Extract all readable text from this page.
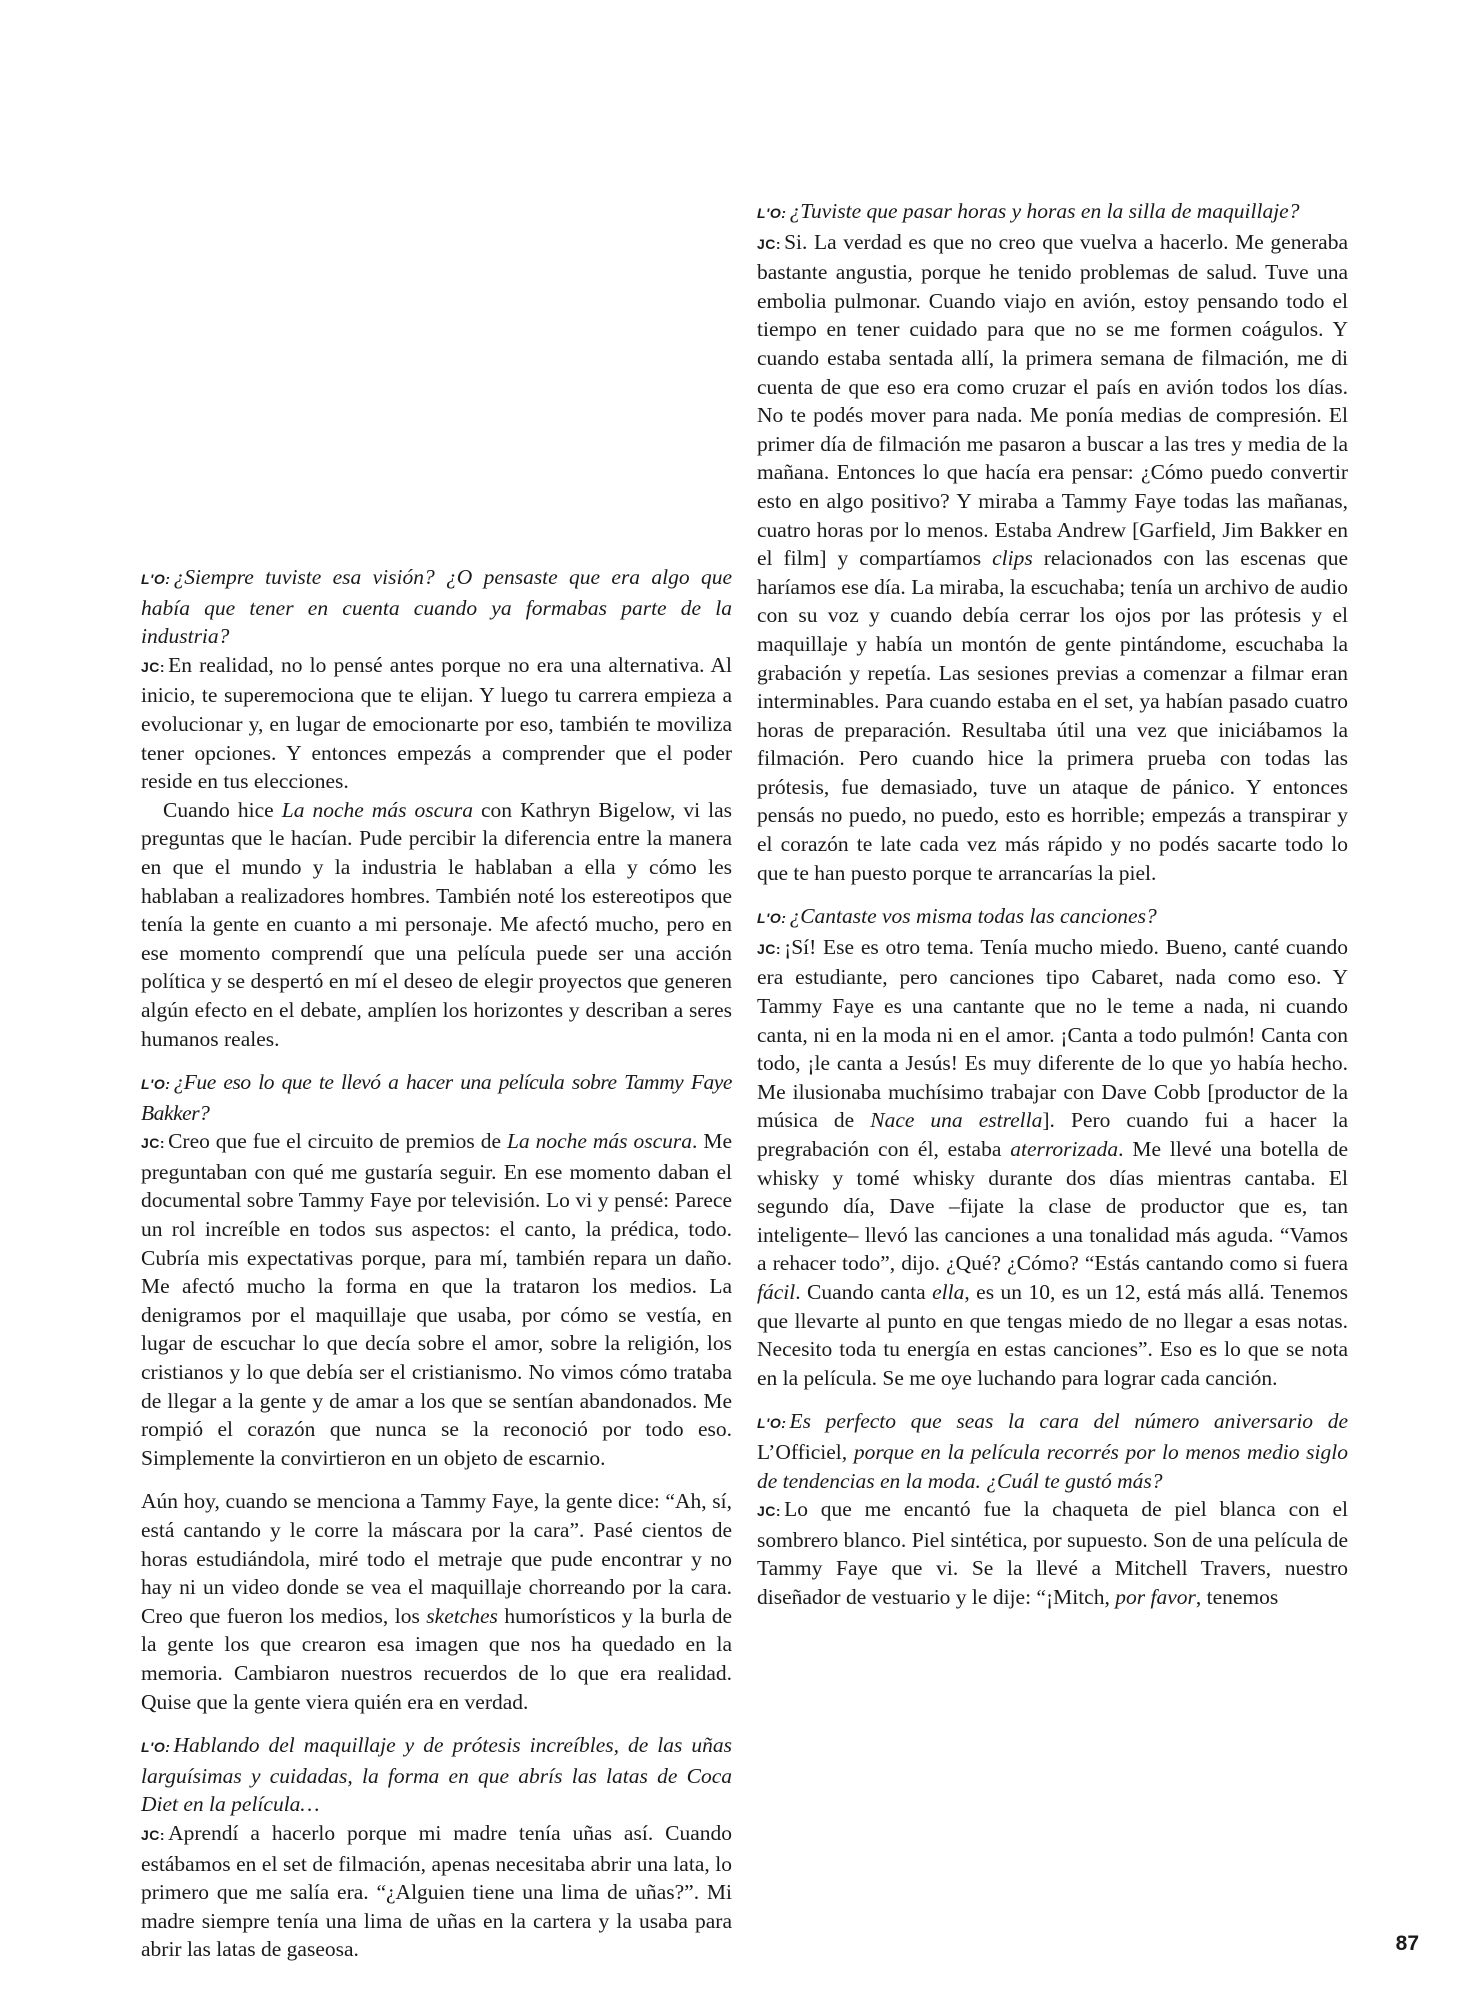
L'O: ¿Siempre tuviste esa visión? ¿O pensaste que era algo que había que tener en cuenta cuando ya formabas parte de la industria?

JC: En realidad, no lo pensé antes porque no era una alternativa. Al inicio, te superemociona que te elijan. Y luego tu carrera empieza a evolucionar y, en lugar de emocionarte por eso, también te moviliza tener opciones. Y entonces empezás a comprender que el poder reside en tus elecciones.

Cuando hice La noche más oscura con Kathryn Bigelow, vi las preguntas que le hacían. Pude percibir la diferencia entre la manera en que el mundo y la industria le hablaban a ella y cómo les hablaban a realizadores hombres. También noté los estereotipos que tenía la gente en cuanto a mi personaje. Me afectó mucho, pero en ese momento comprendí que una película puede ser una acción política y se despertó en mí el deseo de elegir proyectos que generen algún efecto en el debate, amplíen los horizontes y describan a seres humanos reales.

L'O: ¿Fue eso lo que te llevó a hacer una película sobre Tammy Faye Bakker?

JC: Creo que fue el circuito de premios de La noche más oscura. Me preguntaban con qué me gustaría seguir. En ese momento daban el documental sobre Tammy Faye por televisión. Lo vi y pensé: Parece un rol increíble en todos sus aspectos: el canto, la prédica, todo. Cubría mis expectativas porque, para mí, también repara un daño. Me afectó mucho la forma en que la trataron los medios. La denigramos por el maquillaje que usaba, por cómo se vestía, en lugar de escuchar lo que decía sobre el amor, sobre la religión, los cristianos y lo que debía ser el cristianismo. No vimos cómo trataba de llegar a la gente y de amar a los que se sentían abandonados. Me rompió el corazón que nunca se la reconoció por todo eso. Simplemente la convirtieron en un objeto de escarnio.

Aún hoy, cuando se menciona a Tammy Faye, la gente dice: “Ah, sí, está cantando y le corre la máscara por la cara”. Pasé cientos de horas estudiándola, miré todo el metraje que pude encontrar y no hay ni un video donde se vea el maquillaje chorreando por la cara. Creo que fueron los medios, los sketches humorísticos y la burla de la gente los que crearon esa imagen que nos ha quedado en la memoria. Cambiaron nuestros recuerdos de lo que era realidad. Quise que la gente viera quién era en verdad.

L'O: Hablando del maquillaje y de prótesis increíbles, de las uñas larguísimas y cuidadas, la forma en que abrís las latas de Coca Diet en la película…

JC: Aprendí a hacerlo porque mi madre tenía uñas así. Cuando estábamos en el set de filmación, apenas necesitaba abrir una lata, lo primero que me salía era. “¿Alguien tiene una lima de uñas?”. Mi madre siempre tenía una lima de uñas en la cartera y la usaba para abrir las latas de gaseosa.

L'O: ¿Tuviste que pasar horas y horas en la silla de maquillaje?

JC: Si. La verdad es que no creo que vuelva a hacerlo. Me generaba bastante angustia, porque he tenido problemas de salud. Tuve una embolia pulmonar. Cuando viajo en avión, estoy pensando todo el tiempo en tener cuidado para que no se me formen coágulos. Y cuando estaba sentada allí, la primera semana de filmación, me di cuenta de que eso era como cruzar el país en avión todos los días. No te podés mover para nada. Me ponía medias de compresión. El primer día de filmación me pasaron a buscar a las tres y media de la mañana. Entonces lo que hacía era pensar: ¿Cómo puedo convertir esto en algo positivo? Y miraba a Tammy Faye todas las mañanas, cuatro horas por lo menos. Estaba Andrew [Garfield, Jim Bakker en el film] y compartíamos clips relacionados con las escenas que haríamos ese día. La miraba, la escuchaba; tenía un archivo de audio con su voz y cuando debía cerrar los ojos por las prótesis y el maquillaje y había un montón de gente pintándome, escuchaba la grabación y repetía. Las sesiones previas a comenzar a filmar eran interminables. Para cuando estaba en el set, ya habían pasado cuatro horas de preparación. Resultaba útil una vez que iniciábamos la filmación. Pero cuando hice la primera prueba con todas las prótesis, fue demasiado, tuve un ataque de pánico. Y entonces pensás no puedo, no puedo, esto es horrible; empezás a transpirar y el corazón te late cada vez más rápido y no podés sacarte todo lo que te han puesto porque te arrancarías la piel.

L'O: ¿Cantaste vos misma todas las canciones?

JC: ¡Sí! Ese es otro tema. Tenía mucho miedo. Bueno, canté cuando era estudiante, pero canciones tipo Cabaret, nada como eso. Y Tammy Faye es una cantante que no le teme a nada, ni cuando canta, ni en la moda ni en el amor. ¡Canta a todo pulmón! Canta con todo, ¡le canta a Jesús! Es muy diferente de lo que yo había hecho. Me ilusionaba muchísimo trabajar con Dave Cobb [productor de la música de Nace una estrella]. Pero cuando fui a hacer la pregrabación con él, estaba aterrorizada. Me llevé una botella de whisky y tomé whisky durante dos días mientras cantaba. El segundo día, Dave –fijate la clase de productor que es, tan inteligente– llevó las canciones a una tonalidad más aguda. “Vamos a rehacer todo”, dijo. ¿Qué? ¿Cómo? “Estás cantando como si fuera fácil. Cuando canta ella, es un 10, es un 12, está más allá. Tenemos que llevarte al punto en que tengas miedo de no llegar a esas notas. Necesito toda tu energía en estas canciones”. Eso es lo que se nota en la película. Se me oye luchando para lograr cada canción.

L'O: Es perfecto que seas la cara del número aniversario de L’Officiel, porque en la película recorrés por lo menos medio siglo de tendencias en la moda. ¿Cuál te gustó más?

JC: Lo que me encantó fue la chaqueta de piel blanca con el sombrero blanco. Piel sintética, por supuesto. Son de una película de Tammy Faye que vi. Se la llevé a Mitchell Travers, nuestro diseñador de vestuario y le dije: “¡Mitch, por favor, tenemos

87
